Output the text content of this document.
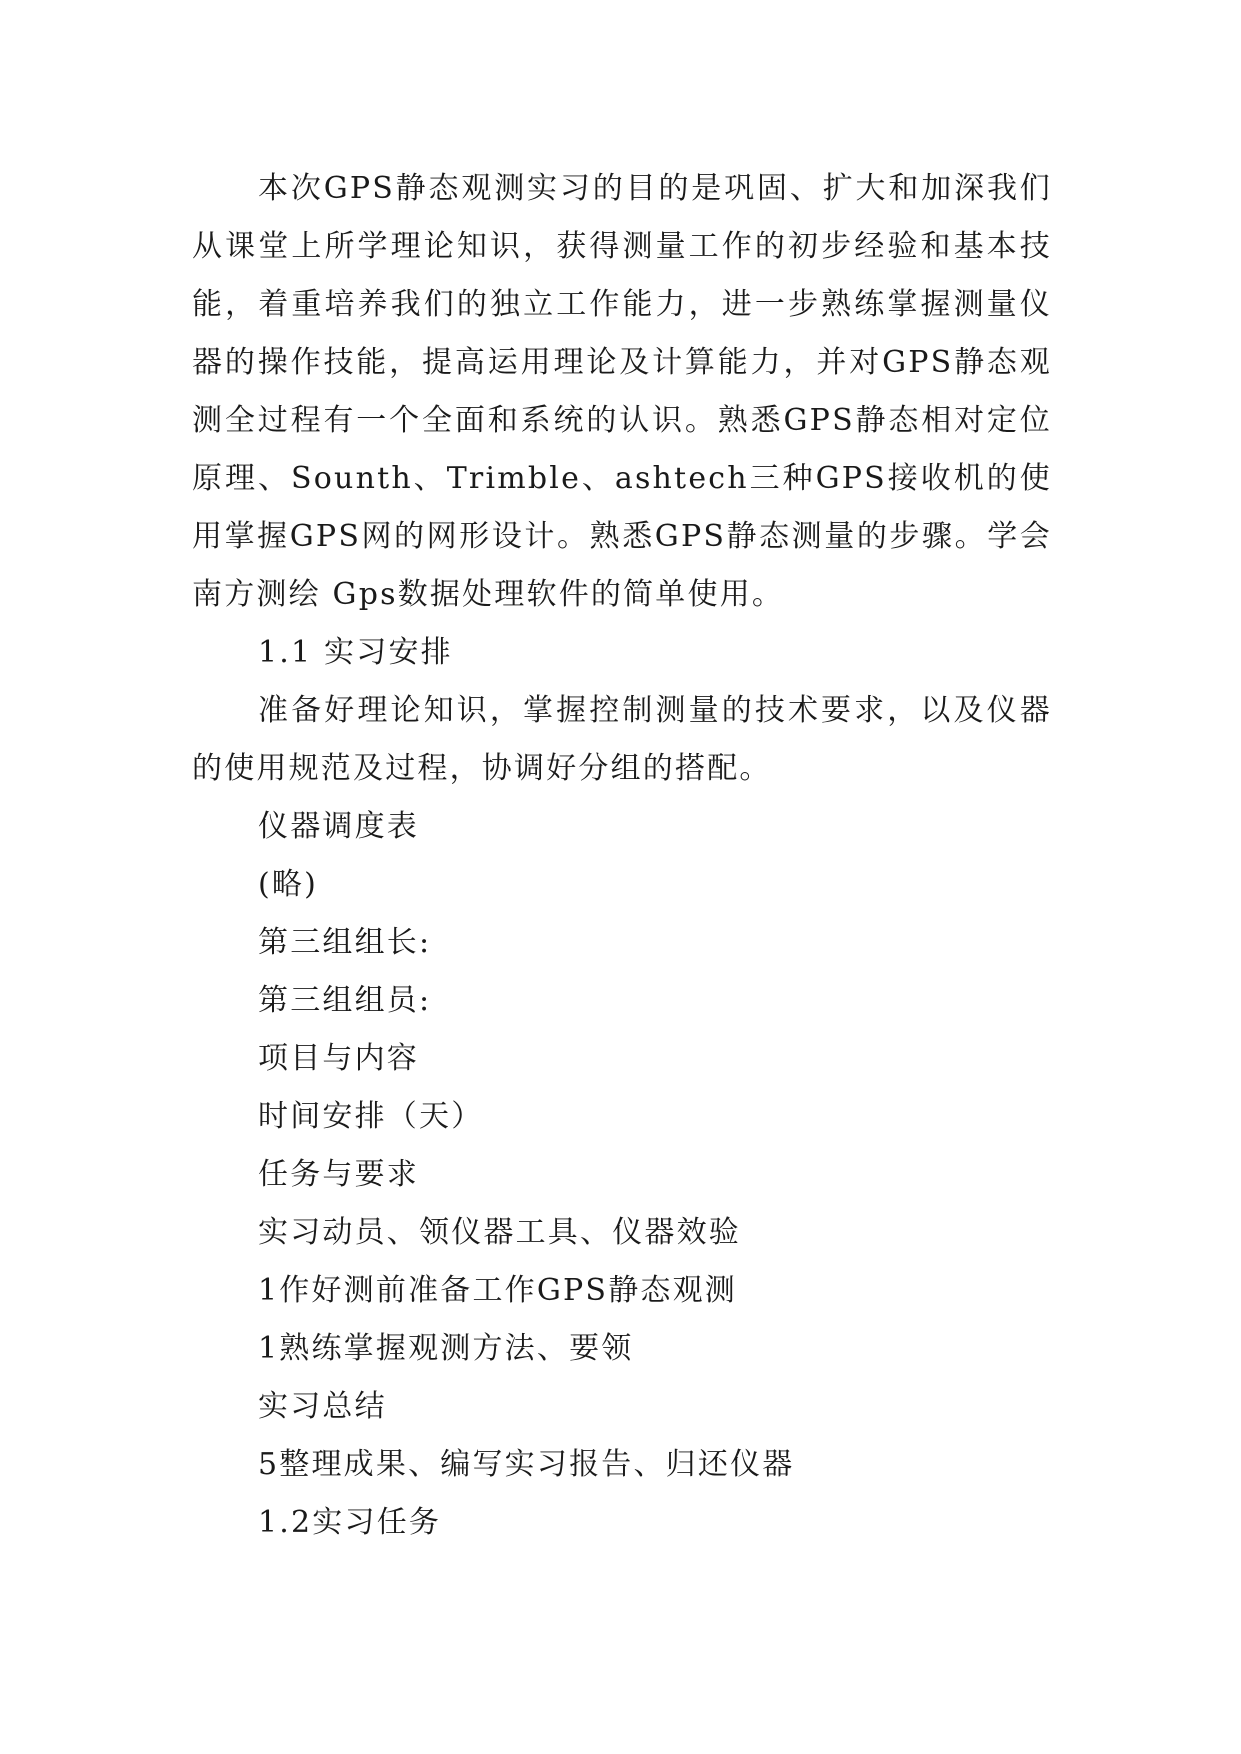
本次GPS静态观测实习的目的是巩固、扩大和加深我们从课堂上所学理论知识，获得测量工作的初步经验和基本技能，着重培养我们的独立工作能力，进一步熟练掌握测量仪器的操作技能，提高运用理论及计算能力，并对GPS静态观测全过程有一个全面和系统的认识。熟悉GPS静态相对定位原理、Sounth、Trimble、ashtech三种GPS接收机的使用掌握GPS网的网形设计。熟悉GPS静态测量的步骤。学会南方测绘 Gps数据处理软件的简单使用。

1.1 实习安排

准备好理论知识，掌握控制测量的技术要求，以及仪器的使用规范及过程，协调好分组的搭配。

仪器调度表

(略)

第三组组长:

第三组组员:

项目与内容

时间安排（天）

任务与要求

实习动员、领仪器工具、仪器效验

1作好测前准备工作GPS静态观测

1熟练掌握观测方法、要领

实习总结

5整理成果、编写实习报告、归还仪器

1.2实习任务
